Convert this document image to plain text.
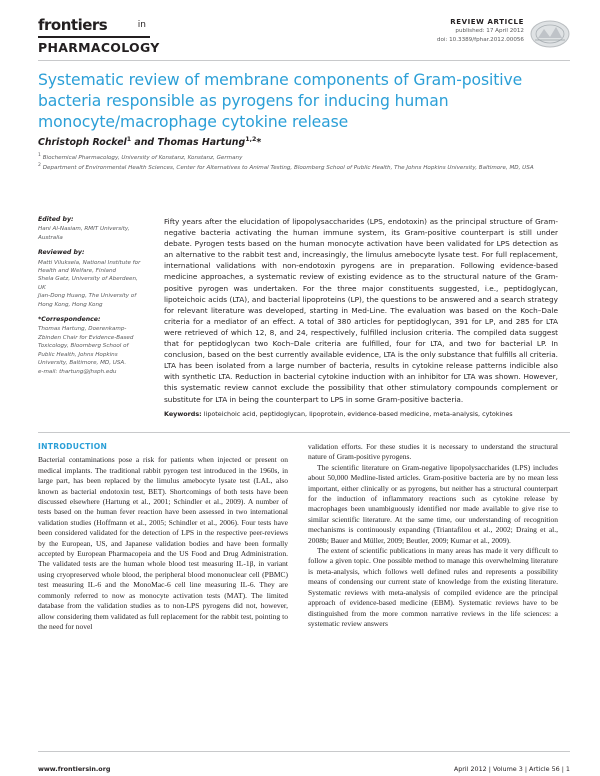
frontiers	in
PHARMACOLOGY
REVIEW ARTICLE
published: 17 April 2012
doi: 10.3389/fphar.2012.00056
Systematic review of membrane components of Gram-positive bacteria responsible as pyrogens for inducing human monocyte/macrophage cytokine release
Christoph Rockel$^1$ and Thomas Hartung$^{1,2}$*
$^1$ Biochemical Pharmacology, University of Konstanz, Konstanz, Germany
$^2$ Department of Environmental Health Sciences, Center for Alternatives to Animal Testing, Bloomberg School of Public Health, The Johns Hopkins University, Baltimore, MD, USA
Edited by:
Hani Al-Nasiam, RMIT University, Australia
Reviewed by:
Matti Viluksela, National Institute for Health and Welfare, Finland
Shela Gatz, University of Aberdeen, UK
Jian-Dong Huang, The University of Hong Kong, Hong Kong
*Correspondence:
Thomas Hartung, Doerenkamp-Zbinden Chair for Evidence-Based Toxicology, Bloomberg School of Public Health, Johns Hopkins University, Baltimore, MD, USA.
e-mail: thartung@jhsph.edu
Fifty years after the elucidation of lipopolysaccharides (LPS, endotoxin) as the principal structure of Gram-negative bacteria activating the human immune system, its Gram-positive counterpart is still under debate. Pyrogen tests based on the human monocyte activation have been validated for LPS detection as an alternative to the rabbit test and, increasingly, the limulus amebocyte lysate test. For full replacement, international validations with non-endotoxin pyrogens are in preparation. Following evidence-based medicine approaches, a systematic review of existing evidence as to the structural nature of the Gram-positive pyrogen was undertaken. For the three major constituents suggested, i.e., peptidoglycan, lipoteichoic acids (LTA), and bacterial lipoproteins (LP), the questions to be answered and a search strategy for relevant literature was developed, starting in Med-Line. The evaluation was based on the Koch–Dale criteria for a mediator of an effect. A total of 380 articles for peptidoglycan, 391 for LP, and 285 for LTA were retrieved of which 12, 8, and 24, respectively, fulfilled inclusion criteria. The compiled data suggest that for peptidoglycan two Koch–Dale criteria are fulfilled, four for LTA, and two for bacterial LP. In conclusion, based on the best currently available evidence, LTA is the only substance that fulfills all criteria. LTA has been isolated from a large number of bacteria, results in cytokine release patterns indicible also with synthetic LTA. Reduction in bacterial cytokine induction with an inhibitor for LTA was shown. However, this systematic review cannot exclude the possibility that other stimulatory compounds complement or substitute for LTA in being the counterpart to LPS in some Gram-positive bacteria.
Keywords: lipoteichoic acid, peptidoglycan, lipoprotein, evidence-based medicine, meta-analysis, cytokines
INTRODUCTION

Bacterial contaminations pose a risk for patients when injected or present on medical implants. The traditional rabbit pyrogen test introduced in the 1960s, in large part, has been replaced by the limulus amebocyte lysate test (LAL, also known as bacterial endotoxin test, BET). Shortcomings of both tests have been discussed elsewhere (Hartung et al., 2001; Schindler et al., 2009). A number of tests based on the human fever reaction have been assessed in two international validation studies (Hoffmann et al., 2005; Schindler et al., 2006). Four tests have been considered validated for the detection of LPS in the respective peer-reviews by the European, US, and Japanese validation bodies and have been formally accepted by European Pharmacopeia and the US Food and Drug Administration. The validated tests are the human whole blood test measuring IL-1β, in variant using cryopreserved whole blood, the peripheral blood mononuclear cell (PBMC) test measuring IL-6 and the MonoMac-6 cell line measuring IL-6. They are commonly referred to now as monocyte activation tests (MAT). The limited database from the validation studies as to non-LPS pyrogens did not, however, allow considering them validated as full replacement for the rabbit test, pointing to the need for novel

validation efforts. For these studies it is necessary to understand the structural nature of Gram-positive pyrogens.

The scientific literature on Gram-negative lipopolysaccharides (LPS) includes about 50,000 Medline-listed articles. Gram-positive bacteria are by no mean less important, either clinically or as pyrogens, but neither has a structural counterpart for the induction of inflammatory reactions such as cytokine release by macrophages been unambiguously identified nor made available to give rise to similar scientific literature. At the same time, our understanding of recognition mechanisms is continuously expanding (Triantafilou et al., 2002; Draing et al., 2008b; Bauer and Müller, 2009; Beutler, 2009; Kumar et al., 2009).

The extent of scientific publications in many areas has made it very difficult to follow a given topic. One possible method to manage this overwhelming literature is meta-analysis, which follows well defined rules and represents a possibility means of condensing our current state of knowledge from the existing literature. Systematic reviews with meta-analysis of compiled evidence are the principal approach of evidence-based medicine (EBM). Systematic reviews have to be distinguished from the more common narrative reviews in the life sciences: a systematic review answers

www.frontiersin.org	April 2012 | Volume 3 | Article 56 | 1
